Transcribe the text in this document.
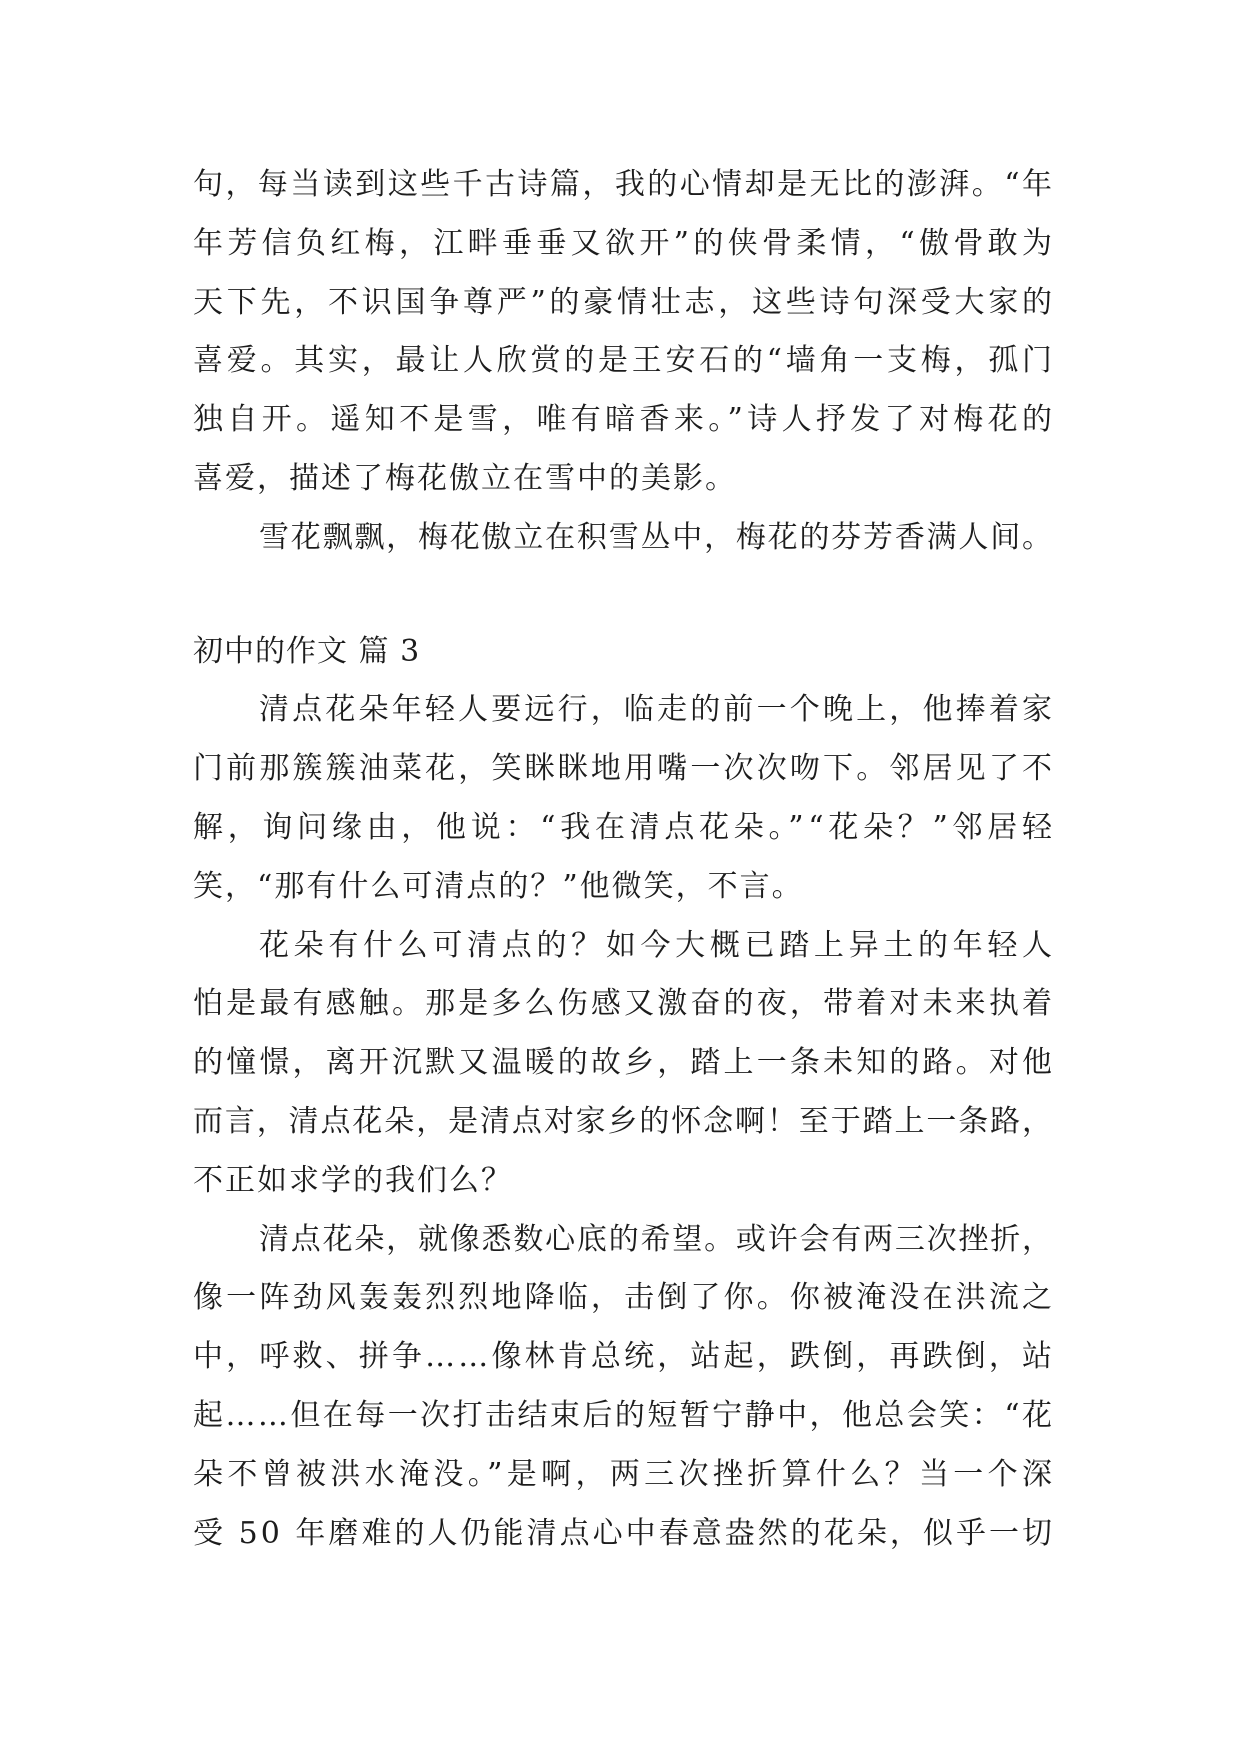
句，每当读到这些千古诗篇，我的心情却是无比的澎湃。“年
年芳信负红梅，江畔垂垂又欲开”的侠骨柔情，“傲骨敢为
天下先，不识国争尊严”的豪情壮志，这些诗句深受大家的
喜爱。其实，最让人欣赏的是王安石的“墙角一支梅，孤门
独自开。遥知不是雪，唯有暗香来。”诗人抒发了对梅花的
喜爱，描述了梅花傲立在雪中的美影。
雪花飘飘，梅花傲立在积雪丛中，梅花的芬芳香满人间。
初中的作文 篇 3
清点花朵年轻人要远行，临走的前一个晚上，他捧着家
门前那簇簇油菜花，笑眯眯地用嘴一次次吻下。邻居见了不
解，询问缘由，他说：“我在清点花朵。”“花朵？”邻居轻
笑，“那有什么可清点的？”他微笑，不言。
花朵有什么可清点的？如今大概已踏上异土的年轻人
怕是最有感触。那是多么伤感又激奋的夜，带着对未来执着
的憧憬，离开沉默又温暖的故乡，踏上一条未知的路。对他
而言，清点花朵，是清点对家乡的怀念啊！至于踏上一条路，
不正如求学的我们么？
清点花朵，就像悉数心底的希望。或许会有两三次挫折，
像一阵劲风轰轰烈烈地降临，击倒了你。你被淹没在洪流之
中，呼救、拼争……像林肯总统，站起，跌倒，再跌倒，站
起……但在每一次打击结束后的短暂宁静中，他总会笑：“花
朵不曾被洪水淹没。”是啊，两三次挫折算什么？当一个深
受 50 年磨难的人仍能清点心中春意盎然的花朵，似乎一切
